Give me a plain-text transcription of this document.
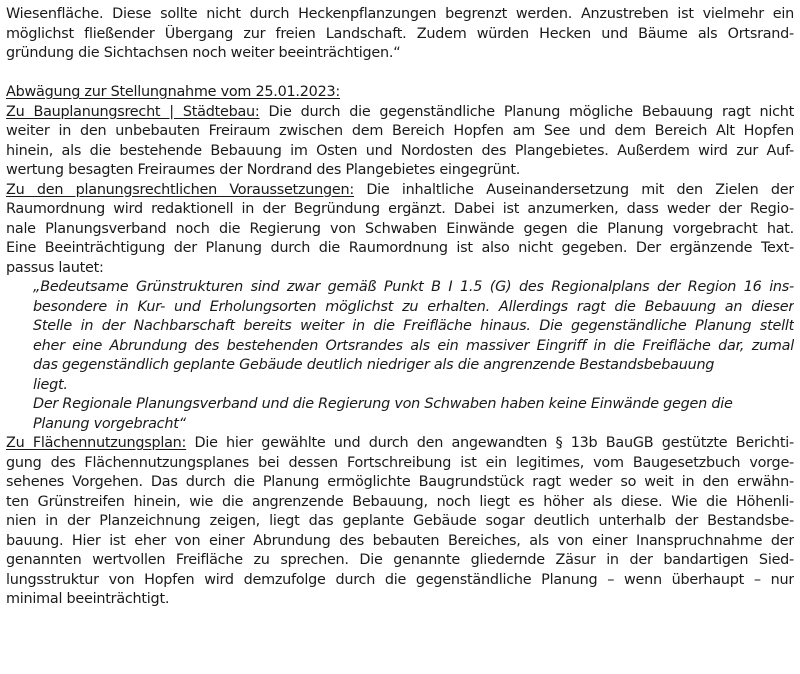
Wiesenfläche. Diese sollte nicht durch Heckenpflanzungen begrenzt werden. Anzustreben ist vielmehr ein
möglichst fließender Übergang zur freien Landschaft. Zudem würden Hecken und Bäume als Ortsrand-
gründung die Sichtachsen noch weiter beeinträchtigen.“
Abwägung zur Stellungnahme vom 25.01.2023:
Zu Bauplanungsrecht | Städtebau: Die durch die gegenständliche Planung mögliche Bebauung ragt nicht
weiter in den unbebauten Freiraum zwischen dem Bereich Hopfen am See und dem Bereich Alt Hopfen
hinein, als die bestehende Bebauung im Osten und Nordosten des Plangebietes. Außerdem wird zur Auf-
wertung besagten Freiraumes der Nordrand des Plangebietes eingegrünt.
Zu den planungsrechtlichen Voraussetzungen: Die inhaltliche Auseinandersetzung mit den Zielen der
Raumordnung wird redaktionell in der Begründung ergänzt. Dabei ist anzumerken, dass weder der Regio-
nale Planungsverband noch die Regierung von Schwaben Einwände gegen die Planung vorgebracht hat.
Eine Beeinträchtigung der Planung durch die Raumordnung ist also nicht gegeben. Der ergänzende Text-
passus lautet:
„Bedeutsame Grünstrukturen sind zwar gemäß Punkt B I 1.5 (G) des Regionalplans der Region 16 ins-
besondere in Kur- und Erholungsorten möglichst zu erhalten. Allerdings ragt die Bebauung an dieser
Stelle in der Nachbarschaft bereits weiter in die Freifläche hinaus. Die gegenständliche Planung stellt
eher eine Abrundung des bestehenden Ortsrandes als ein massiver Eingriff in die Freifläche dar, zumal
das gegenständlich geplante Gebäude deutlich niedriger als die angrenzende Bestandsbebauung
liegt.
Der Regionale Planungsverband und die Regierung von Schwaben haben keine Einwände gegen die
Planung vorgebracht“
Zu Flächennutzungsplan: Die hier gewählte und durch den angewandten § 13b BauGB gestützte Berichti-
gung des Flächennutzungsplanes bei dessen Fortschreibung ist ein legitimes, vom Baugesetzbuch vorge-
sehenes Vorgehen. Das durch die Planung ermöglichte Baugrundstück ragt weder so weit in den erwähn-
ten Grünstreifen hinein, wie die angrenzende Bebauung, noch liegt es höher als diese. Wie die Höhenli-
nien in der Planzeichnung zeigen, liegt das geplante Gebäude sogar deutlich unterhalb der Bestandsbe-
bauung. Hier ist eher von einer Abrundung des bebauten Bereiches, als von einer Inanspruchnahme der
genannten wertvollen Freifläche zu sprechen. Die genannte gliedernde Zäsur in der bandartigen Sied-
lungsstruktur von Hopfen wird demzufolge durch die gegenständliche Planung – wenn überhaupt – nur
minimal beeinträchtigt.
